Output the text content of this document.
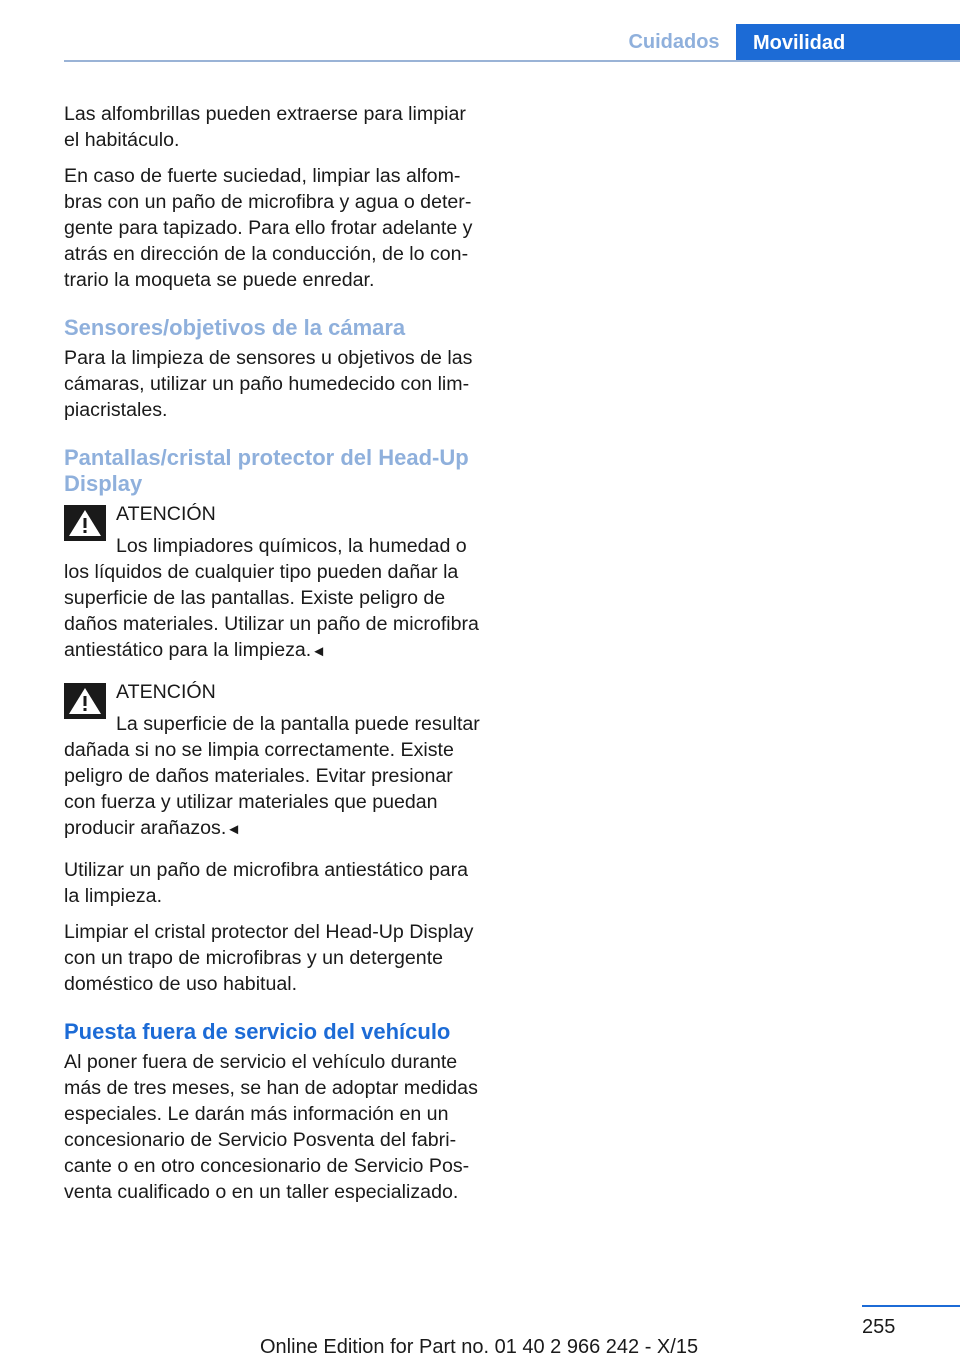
Cuidados	Movilidad

Las alfombrillas pueden extraerse para limpiar el habitáculo.

En caso de fuerte suciedad, limpiar las alfombras con un paño de microfibra y agua o detergente para tapizado. Para ello frotar adelante y atrás en dirección de la conducción, de lo contrario la moqueta se puede enredar.

Sensores/objetivos de la cámara

Para la limpieza de sensores u objetivos de las cámaras, utilizar un paño humedecido con limpiacristales.

Pantallas/cristal protector del Head-Up Display
ATENCIÓN
Los limpiadores químicos, la humedad o los líquidos de cualquier tipo pueden dañar la superficie de las pantallas. Existe peligro de daños materiales. Utilizar un paño de microfibra antiestático para la limpieza.◄
ATENCIÓN
La superficie de la pantalla puede resultar dañada si no se limpia correctamente. Existe peligro de daños materiales. Evitar presionar con fuerza y utilizar materiales que puedan producir arañazos.◄

Utilizar un paño de microfibra antiestático para la limpieza.

Limpiar el cristal protector del Head-Up Display con un trapo de microfibras y un detergente doméstico de uso habitual.

Puesta fuera de servicio del vehículo

Al poner fuera de servicio el vehículo durante más de tres meses, se han de adoptar medidas especiales. Le darán más información en un concesionario de Servicio Posventa del fabricante o en otro concesionario de Servicio Posventa cualificado o en un taller especializado.

255
Online Edition for Part no. 01 40 2 966 242 - X/15
